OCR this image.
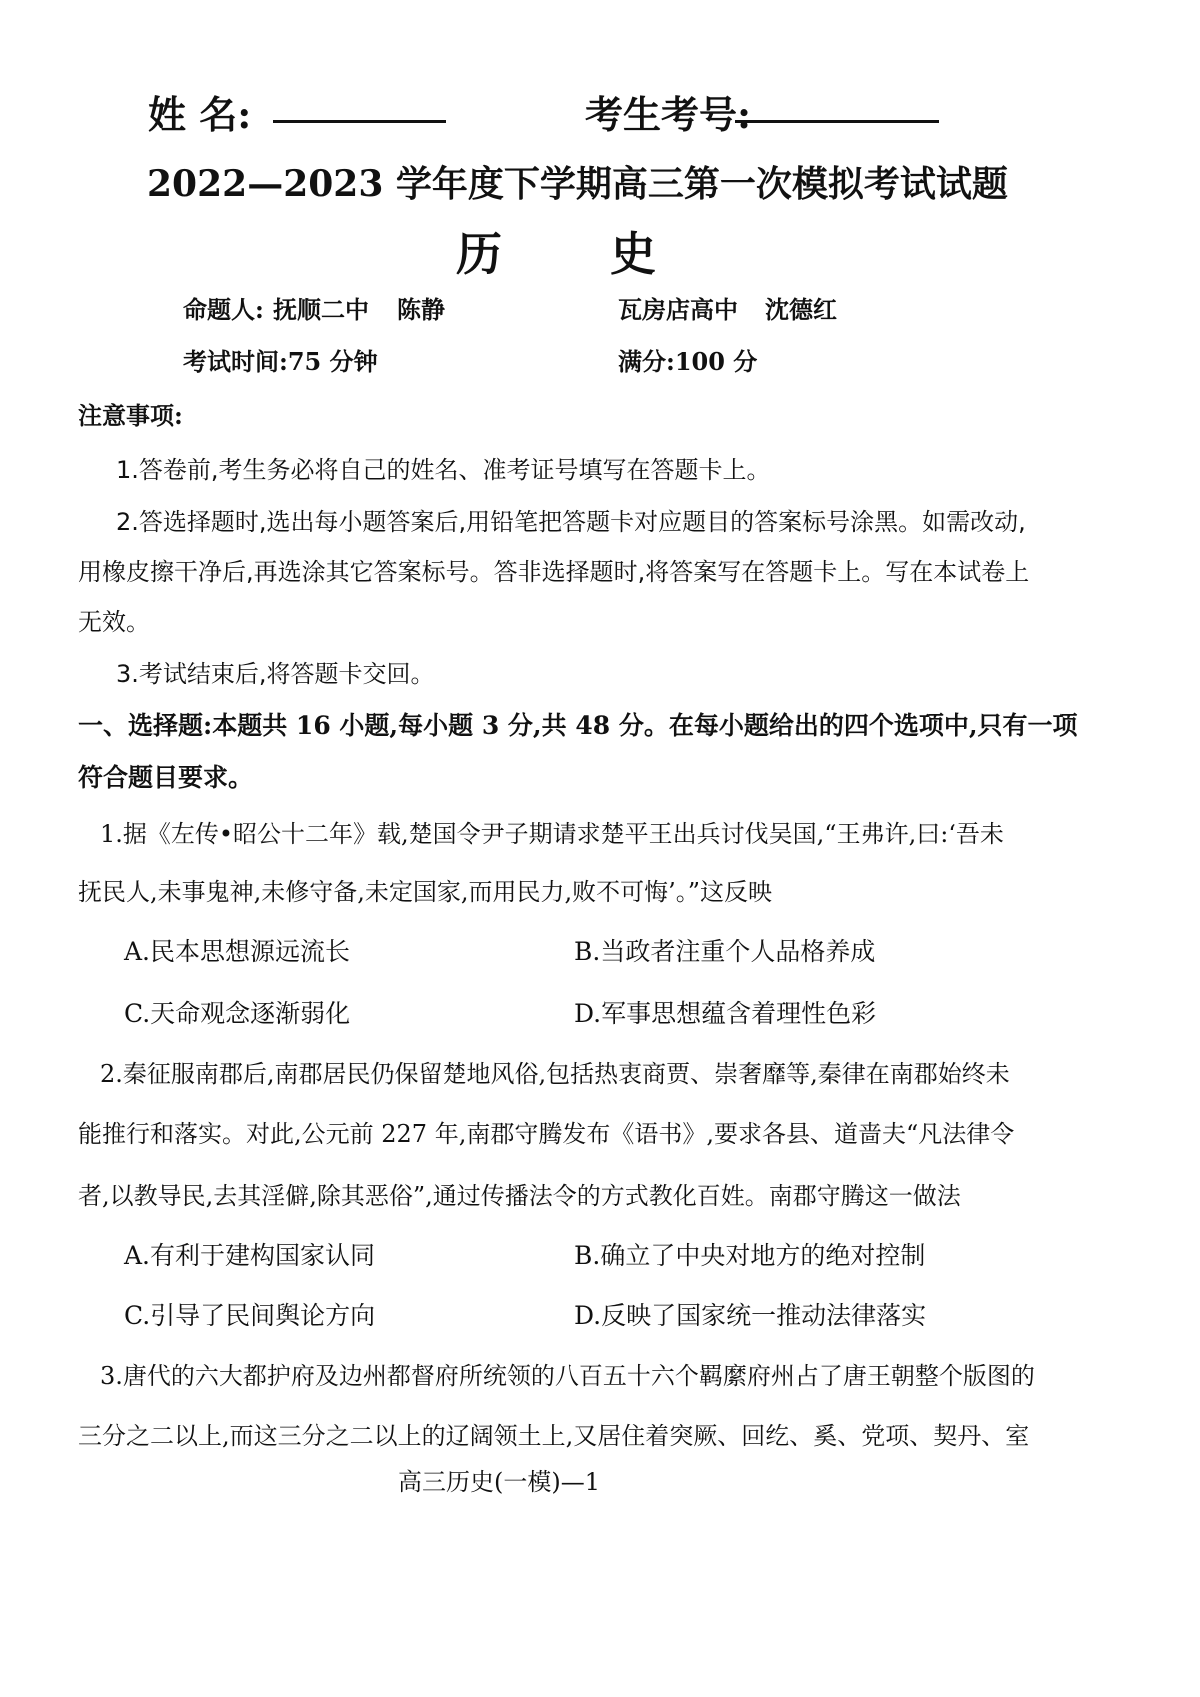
姓 名:	考生考号:
2022—2023 学年度下学期高三第一次模拟考试试题
历史
命题人: 抚顺二中 陈静	瓦房店高中 沈德红
考试时间:75 分钟	满分:100 分
注意事项:
1.答卷前,考生务必将自己的姓名、准考证号填写在答题卡上。
2.答选择题时,选出每小题答案后,用铅笔把答题卡对应题目的答案标号涂黑。如需改动,
用橡皮擦干净后,再选涂其它答案标号。答非选择题时,将答案写在答题卡上。写在本试卷上
无效。
3.考试结束后,将答题卡交回。
一、选择题:本题共 16 小题,每小题 3 分,共 48 分。在每小题给出的四个选项中,只有一项
符合题目要求。
1.据《左传•昭公十二年》载,楚国令尹子期请求楚平王出兵讨伐吴国,“王弗许,曰:‘吾未
抚民人,未事鬼神,未修守备,未定国家,而用民力,败不可悔’。”这反映
A.民本思想源远流长	B.当政者注重个人品格养成
C.天命观念逐渐弱化	D.军事思想蕴含着理性色彩
2.秦征服南郡后,南郡居民仍保留楚地风俗,包括热衷商贾、崇奢靡等,秦律在南郡始终未
能推行和落实。对此,公元前 227 年,南郡守腾发布《语书》,要求各县、道啬夫“凡法律令
者,以教导民,去其淫僻,除其恶俗”,通过传播法令的方式教化百姓。南郡守腾这一做法
A.有利于建构国家认同	B.确立了中央对地方的绝对控制
C.引导了民间舆论方向	D.反映了国家统一推动法律落实
3.唐代的六大都护府及边州都督府所统领的八百五十六个羁縻府州占了唐王朝整个版图的
三分之二以上,而这三分之二以上的辽阔领土上,又居住着突厥、回纥、奚、党项、契丹、室
高三历史(一模)—1
